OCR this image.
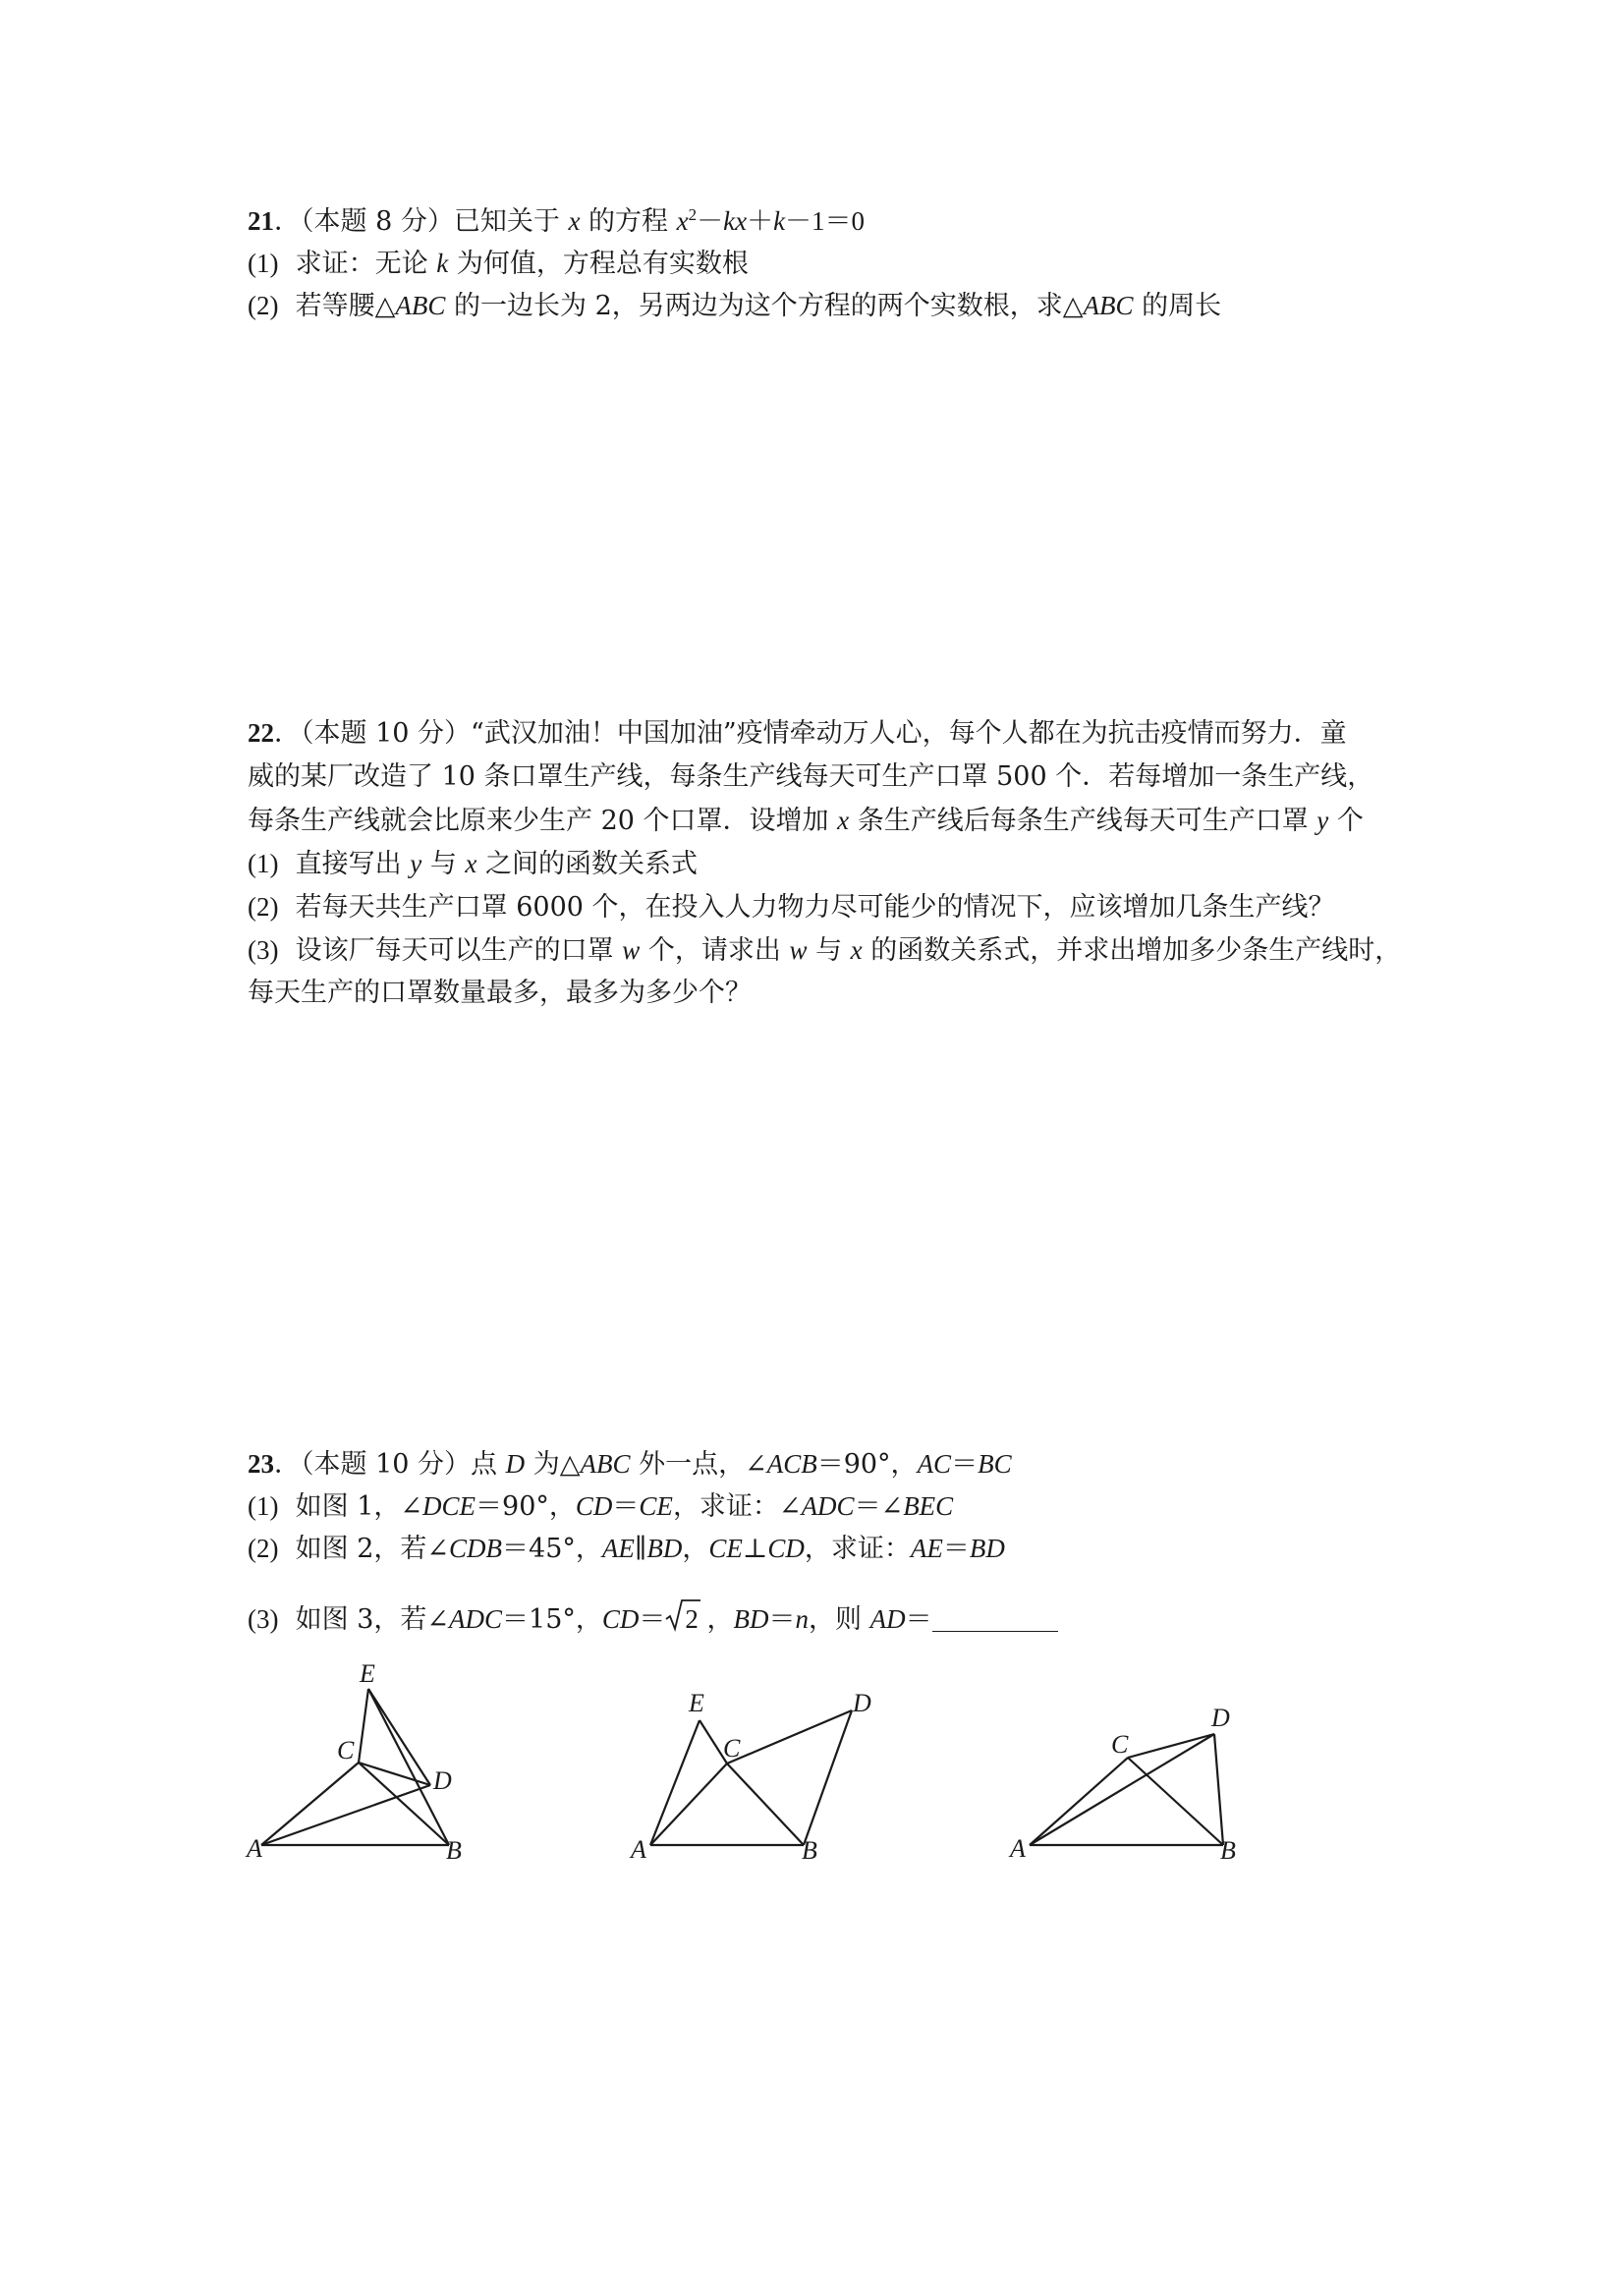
21．（本题 8 分）已知关于 x 的方程 $x^2-kx+k-1=0$
(1) 求证：无论 k 为何值，方程总有实数根
(2) 若等腰△ABC 的一边长为 2，另两边为这个方程的两个实数根，求△ABC 的周长
22．（本题 10 分）“武汉加油！中国加油”疫情牵动万人心，每个人都在为抗击疫情而努力．童
威的某厂改造了 10 条口罩生产线，每条生产线每天可生产口罩 500 个．若每增加一条生产线，
每条生产线就会比原来少生产 20 个口罩．设增加 x 条生产线后每条生产线每天可生产口罩 y 个
(1) 直接写出 y 与 x 之间的函数关系式
(2) 若每天共生产口罩 6000 个，在投入人力物力尽可能少的情况下，应该增加几条生产线？
(3) 设该厂每天可以生产的口罩 w 个，请求出 w 与 x 的函数关系式，并求出增加多少条生产线时，
每天生产的口罩数量最多，最多为多少个？
23．（本题 10 分）点 D 为△ABC 外一点，∠ACB＝90°，AC＝BC
(1) 如图 1，∠DCE＝90°，CD＝CE，求证：∠ADC＝∠BEC
(2) 如图 2，若∠CDB＝45°，AE∥BD，CE⊥CD，求证：AE＝BD
(3) 如图 3，若∠ADC＝15°，CD＝ 2 ，BD＝n，则 AD＝
A	B
C
D
E
A	B
C
D
E
A	B
C
D
